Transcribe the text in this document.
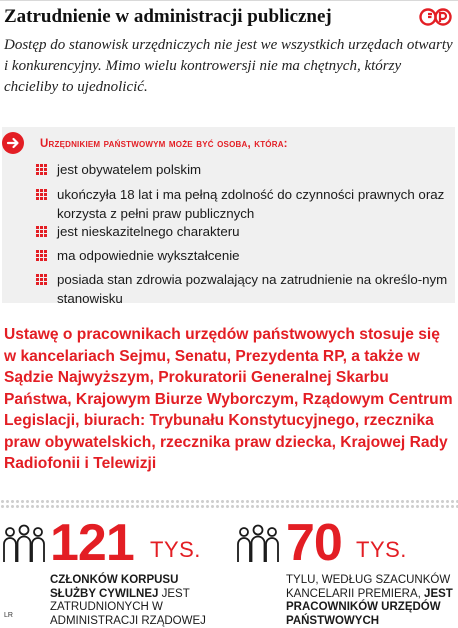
Zatrudnienie w administracji publicznej
Dostęp do stanowisk urzędniczych nie jest we wszystkich urzędach otwarty i konkurencyjny. Mimo wielu kontrowersji nie ma chętnych, którzy chcieliby to ujednolicić.
Urzędnikiem państwowym może być osoba, która:
jest obywatelem polskim
ukończyła 18 lat i ma pełną zdolność do czynności prawnych oraz korzysta z pełni praw publicznych
jest nieskazitelnego charakteru
ma odpowiednie wykształcenie
posiada stan zdrowia pozwalający na zatrudnienie na określo-nym stanowisku
Ustawę o pracownikach urzędów państwowych stosuje się w kancelariach Sejmu, Senatu, Prezydenta RP, a także w Sądzie Najwyższym, Prokuratorii Generalnej Skarbu Państwa, Krajowym Biurze Wyborczym, Rządowym Centrum Legislacji, biurach: Trybunału Konstytucyjnego, rzecznika praw obywatelskich, rzecznika praw dziecka, Krajowej Rady Radiofonii i Telewizji
121 TYS.
CZŁONKÓW KORPUSU SŁUŻBY CYWILNEJ JEST ZATRUDNIONYCH W ADMINISTRACJI RZĄDOWEJ
70 TYS.
TYLU, WEDŁUG SZACUNKÓW KANCELARII PREMIERA, JEST PRACOWNIKÓW URZĘDÓW PAŃSTWOWYCH
LR
